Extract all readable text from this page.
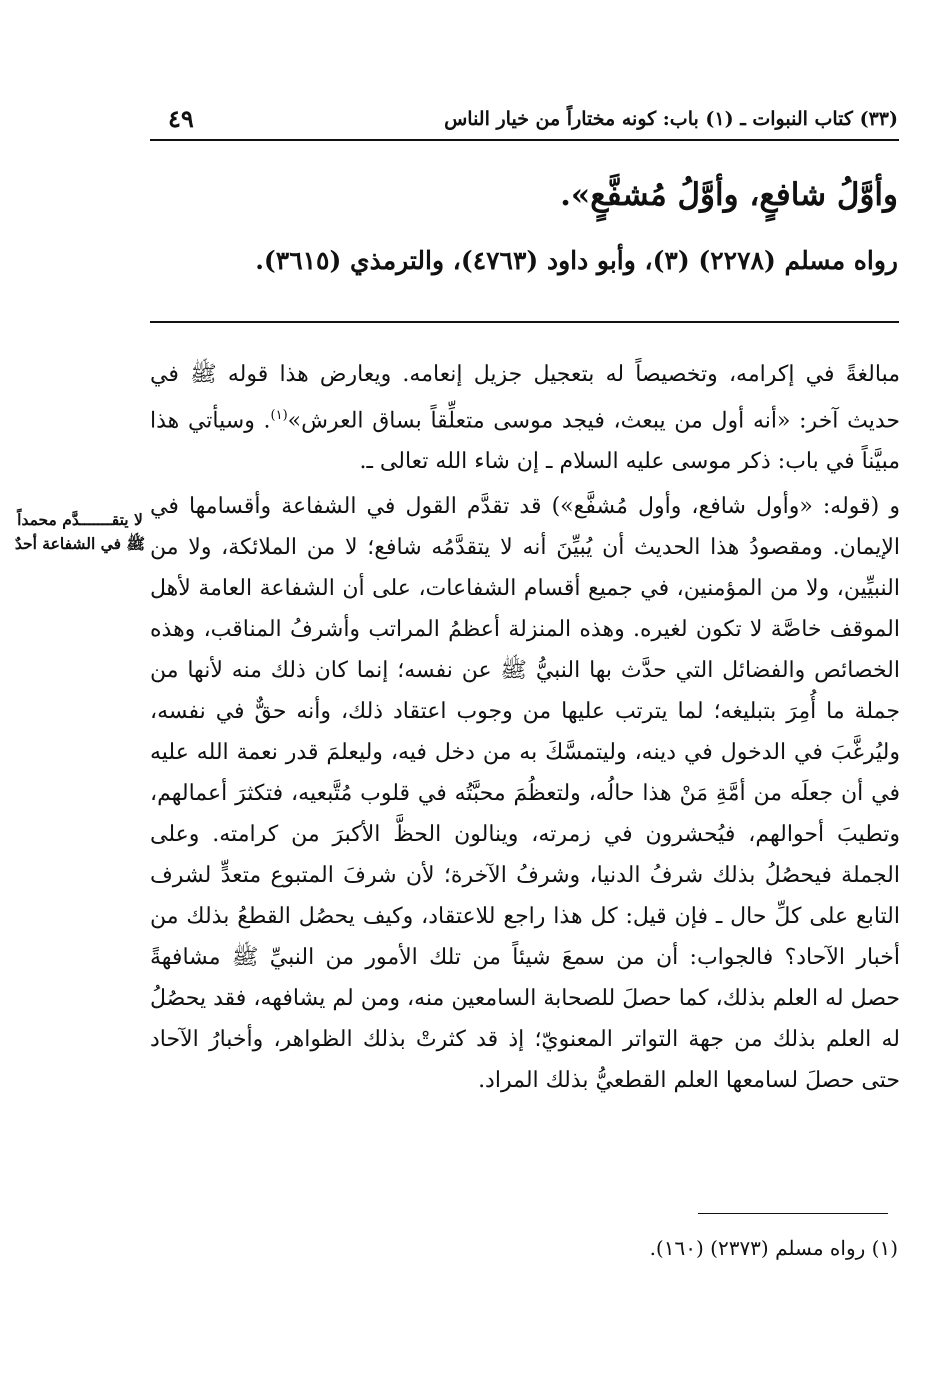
(٣٣) كتاب النبوات ـ (١) باب: كونه مختاراً من خيار الناس
٤٩
وأوَّلُ شافعٍ، وأوَّلُ مُشفَّعٍ».
رواه مسلم (٢٢٧٨) (٣)، وأبو داود (٤٧٦٣)، والترمذي (٣٦١٥).

مبالغةً في إكرامه، وتخصيصاً له بتعجيل جزيل إنعامه. ويعارض هذا قوله ﷺ في حديث آخر: «أنه أول من يبعث، فيجد موسى متعلِّقاً بساق العرش»$^{(١)}$. وسيأتي هذا مبيَّناً في باب: ذكر موسى عليه السلام ـ إن شاء الله تعالى ـ.

و (قوله: «وأول شافع، وأول مُشفَّع») قد تقدَّم القول في الشفاعة وأقسامها في الإيمان. ومقصودُ هذا الحديث أن يُبيِّنَ أنه لا يتقدَّمُه شافع؛ لا من الملائكة، ولا من النبيِّين، ولا من المؤمنين، في جميع أقسام الشفاعات، على أن الشفاعة العامة لأهل الموقف خاصَّة لا تكون لغيره. وهذه المنزلة أعظمُ المراتب وأشرفُ المناقب، وهذه الخصائص والفضائل التي حدَّث بها النبيُّ ﷺ عن نفسه؛ إنما كان ذلك منه لأنها من جملة ما أُمِرَ بتبليغه؛ لما يترتب عليها من وجوب اعتقاد ذلك، وأنه حقٌّ في نفسه، وليُرغَّبَ في الدخول في دينه، وليتمسَّكَ به من دخل فيه، وليعلمَ قدر نعمة الله عليه في أن جعلَه من أمَّةِ مَنْ هذا حالُه، ولتعظُمَ محبَّتُه في قلوب مُتَّبعيه، فتكثرَ أعمالهم، وتطيبَ أحوالهم، فيُحشرون في زمرته، وينالون الحظَّ الأكبرَ من كرامته. وعلى الجملة فيحصُلُ بذلك شرفُ الدنيا، وشرفُ الآخرة؛ لأن شرفَ المتبوع متعدٍّ لشرف التابع على كلِّ حال ـ فإن قيل: كل هذا راجع للاعتقاد، وكيف يحصُل القطعُ بذلك من أخبار الآحاد؟ فالجواب: أن من سمعَ شيئاً من تلك الأمور من النبيِّ ﷺ مشافهةً حصل له العلم بذلك، كما حصلَ للصحابة السامعين منه، ومن لم يشافهه، فقد يحصُلُ له العلم بذلك من جهة التواتر المعنويّ؛ إذ قد كثرتْ بذلك الظواهر، وأخبارُ الآحاد حتى حصلَ لسامعها العلم القطعيُّ بذلك المراد.

لا يتقـــــــدَّم محمداً ﷺ في الشفاعة أحدٌ
(١) رواه مسلم (٢٣٧٣) (١٦٠).
